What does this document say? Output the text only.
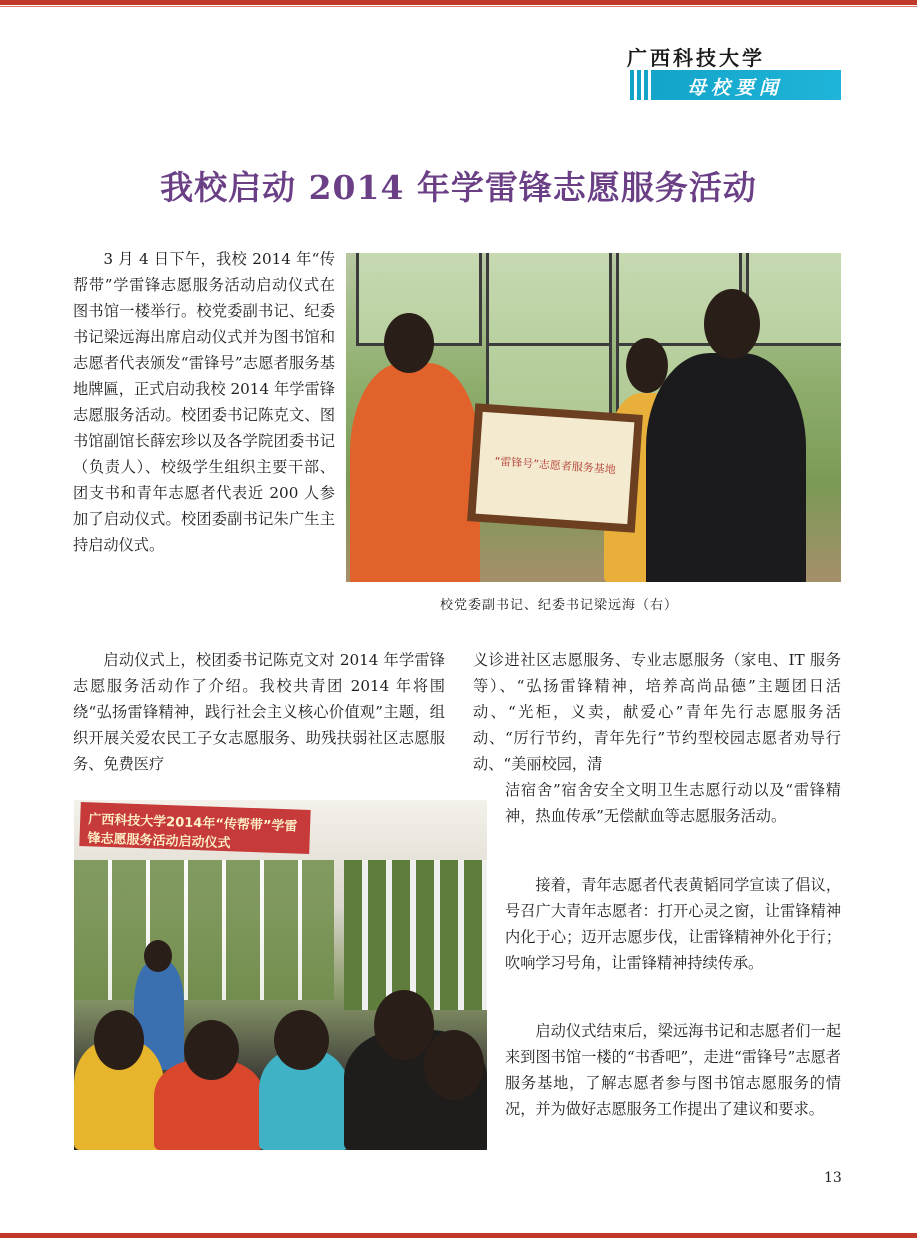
广西科技大学
母校要闻
我校启动 2014 年学雷锋志愿服务活动

3 月 4 日下午，我校 2014 年“传帮带”学雷锋志愿服务活动启动仪式在图书馆一楼举行。校党委副书记、纪委书记梁远海出席启动仪式并为图书馆和志愿者代表颁发“雷锋号”志愿者服务基地牌匾，正式启动我校 2014 年学雷锋志愿服务活动。校团委书记陈克文、图书馆副馆长薛宏珍以及各学院团委书记（负责人）、校级学生组织主要干部、团支书和青年志愿者代表近 200 人参加了启动仪式。校团委副书记朱广生主持启动仪式。

“雷锋号”志愿者服务基地
校党委副书记、纪委书记梁远海（右）

启动仪式上，校团委书记陈克文对 2014 年学雷锋志愿服务活动作了介绍。我校共青团 2014 年将围绕“弘扬雷锋精神，践行社会主义核心价值观”主题，组织开展关爱农民工子女志愿服务、助残扶弱社区志愿服务、免费医疗

义诊进社区志愿服务、专业志愿服务（家电、IT 服务等）、“弘扬雷锋精神，培养高尚品德”主题团日活动、“光柜，义卖，献爱心”青年先行志愿服务活动、“厉行节约，青年先行”节约型校园志愿者劝导行动、“美丽校园，清

广西科技大学2014年“传帮带”学雷锋志愿服务活动启动仪式

洁宿舍”宿舍安全文明卫生志愿行动以及“雷锋精神，热血传承”无偿献血等志愿服务活动。

接着，青年志愿者代表黄韬同学宣读了倡议，号召广大青年志愿者：打开心灵之窗，让雷锋精神内化于心；迈开志愿步伐，让雷锋精神外化于行；吹响学习号角，让雷锋精神持续传承。

启动仪式结束后，梁远海书记和志愿者们一起来到图书馆一楼的“书香吧”，走进“雷锋号”志愿者服务基地，了解志愿者参与图书馆志愿服务的情况，并为做好志愿服务工作提出了建议和要求。

13
